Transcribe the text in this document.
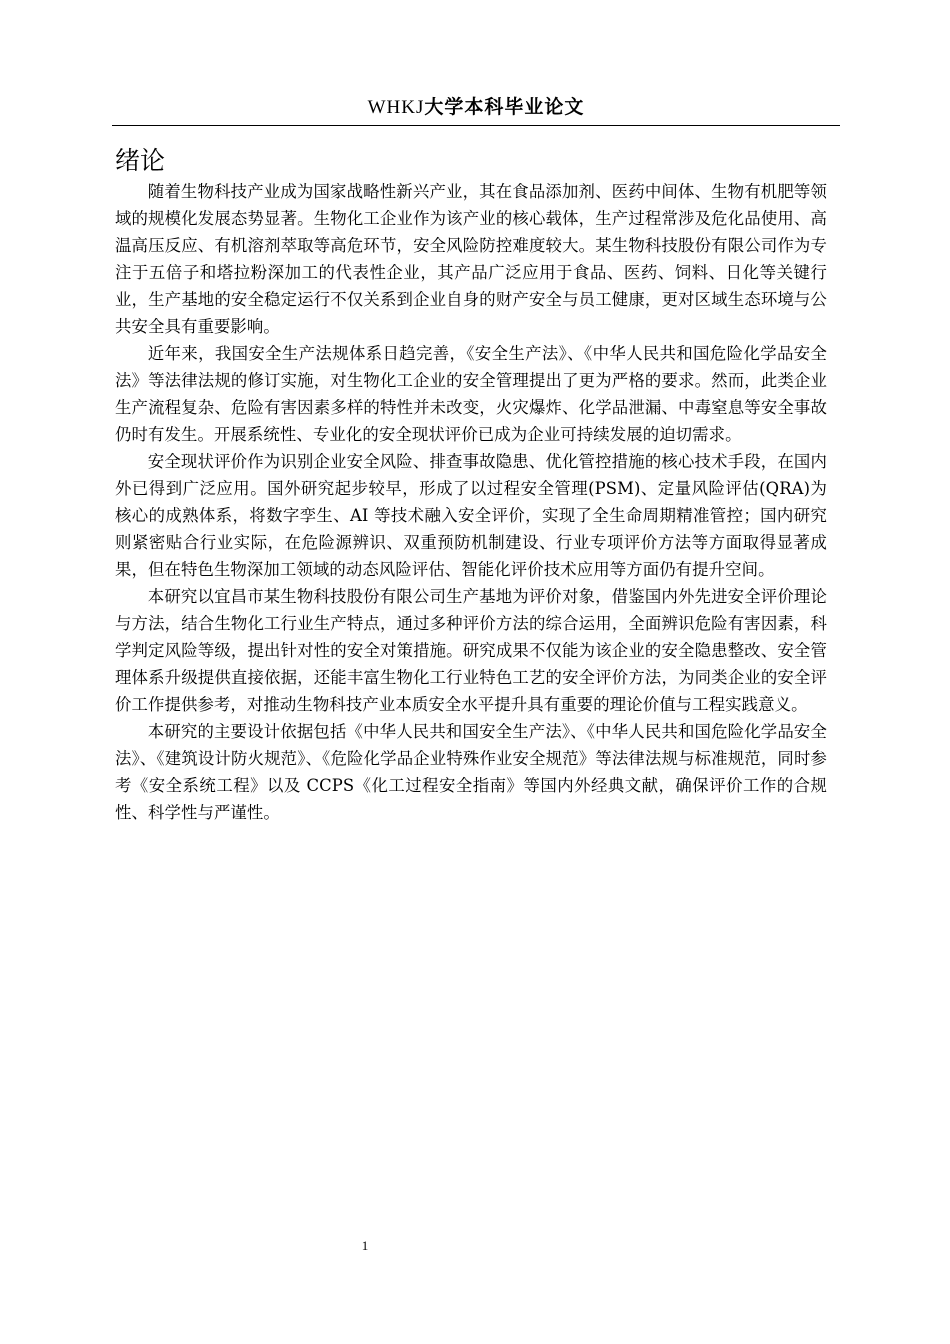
WHKJ大学本科毕业论文
绪论

随着生物科技产业成为国家战略性新兴产业，其在食品添加剂、医药中间体、生物有机肥等领域的规模化发展态势显著。生物化工企业作为该产业的核心载体，生产过程常涉及危化品使用、高温高压反应、有机溶剂萃取等高危环节，安全风险防控难度较大。某生物科技股份有限公司作为专注于五倍子和塔拉粉深加工的代表性企业，其产品广泛应用于食品、医药、饲料、日化等关键行业，生产基地的安全稳定运行不仅关系到企业自身的财产安全与员工健康，更对区域生态环境与公共安全具有重要影响。

近年来，我国安全生产法规体系日趋完善，《安全生产法》、《中华人民共和国危险化学品安全法》等法律法规的修订实施，对生物化工企业的安全管理提出了更为严格的要求。然而，此类企业生产流程复杂、危险有害因素多样的特性并未改变，火灾爆炸、化学品泄漏、中毒窒息等安全事故仍时有发生。开展系统性、专业化的安全现状评价已成为企业可持续发展的迫切需求。

安全现状评价作为识别企业安全风险、排查事故隐患、优化管控措施的核心技术手段，在国内外已得到广泛应用。国外研究起步较早，形成了以过程安全管理(PSM)、定量风险评估(QRA)为核心的成熟体系，将数字孪生、AI 等技术融入安全评价，实现了全生命周期精准管控；国内研究则紧密贴合行业实际，在危险源辨识、双重预防机制建设、行业专项评价方法等方面取得显著成果，但在特色生物深加工领域的动态风险评估、智能化评价技术应用等方面仍有提升空间。

本研究以宜昌市某生物科技股份有限公司生产基地为评价对象，借鉴国内外先进安全评价理论与方法，结合生物化工行业生产特点，通过多种评价方法的综合运用，全面辨识危险有害因素，科学判定风险等级，提出针对性的安全对策措施。研究成果不仅能为该企业的安全隐患整改、安全管理体系升级提供直接依据，还能丰富生物化工行业特色工艺的安全评价方法，为同类企业的安全评价工作提供参考，对推动生物科技产业本质安全水平提升具有重要的理论价值与工程实践意义。

本研究的主要设计依据包括《中华人民共和国安全生产法》、《中华人民共和国危险化学品安全法》、《建筑设计防火规范》、《危险化学品企业特殊作业安全规范》等法律法规与标准规范，同时参考《安全系统工程》以及 CCPS《化工过程安全指南》等国内外经典文献，确保评价工作的合规性、科学性与严谨性。

1
